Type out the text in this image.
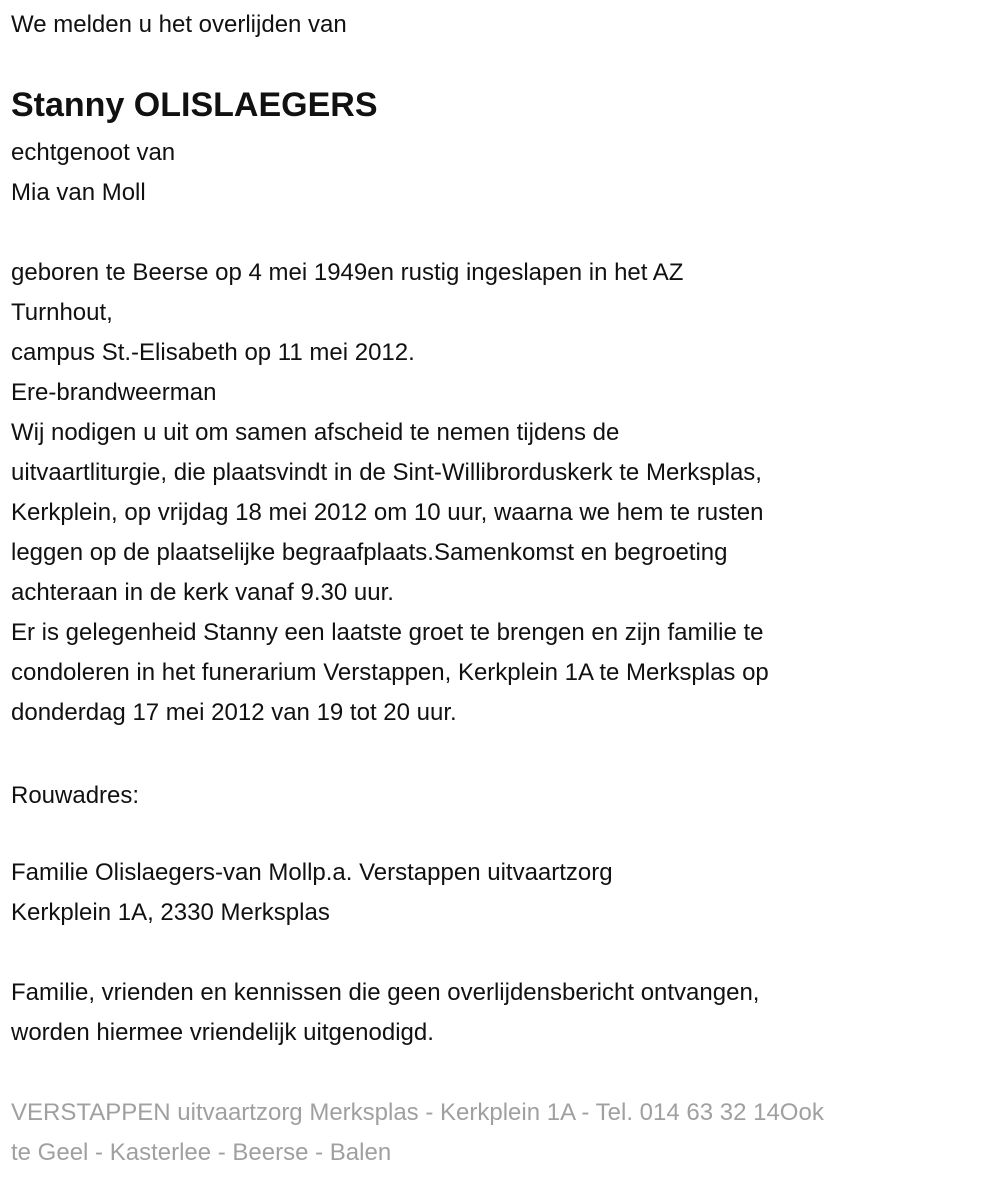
We melden u het overlijden van
Stanny OLISLAEGERS
echtgenoot van
Mia van Moll
geboren te Beerse op 4 mei 1949en rustig ingeslapen in het AZ
Turnhout,
campus St.-Elisabeth op 11 mei 2012.
Ere-brandweerman
Wij nodigen u uit om samen afscheid te nemen tijdens de
uitvaartliturgie, die plaatsvindt in de Sint-Willibrorduskerk te Merksplas,
Kerkplein, op vrijdag 18 mei 2012 om 10 uur, waarna we hem te rusten
leggen op de plaatselijke begraafplaats.Samenkomst en begroeting
achteraan in de kerk vanaf 9.30 uur.
Er is gelegenheid Stanny een laatste groet te brengen en zijn familie te
condoleren in het funerarium Verstappen, Kerkplein 1A te Merksplas op
donderdag 17 mei 2012 van 19 tot 20 uur.
Rouwadres:
Familie Olislaegers-van Mollp.a. Verstappen uitvaartzorg
Kerkplein 1A, 2330 Merksplas
Familie, vrienden en kennissen die geen overlijdensbericht ontvangen,
worden hiermee vriendelijk uitgenodigd.
VERSTAPPEN uitvaartzorg Merksplas - Kerkplein 1A - Tel. 014 63 32 14Ook
te Geel - Kasterlee - Beerse - Balen
